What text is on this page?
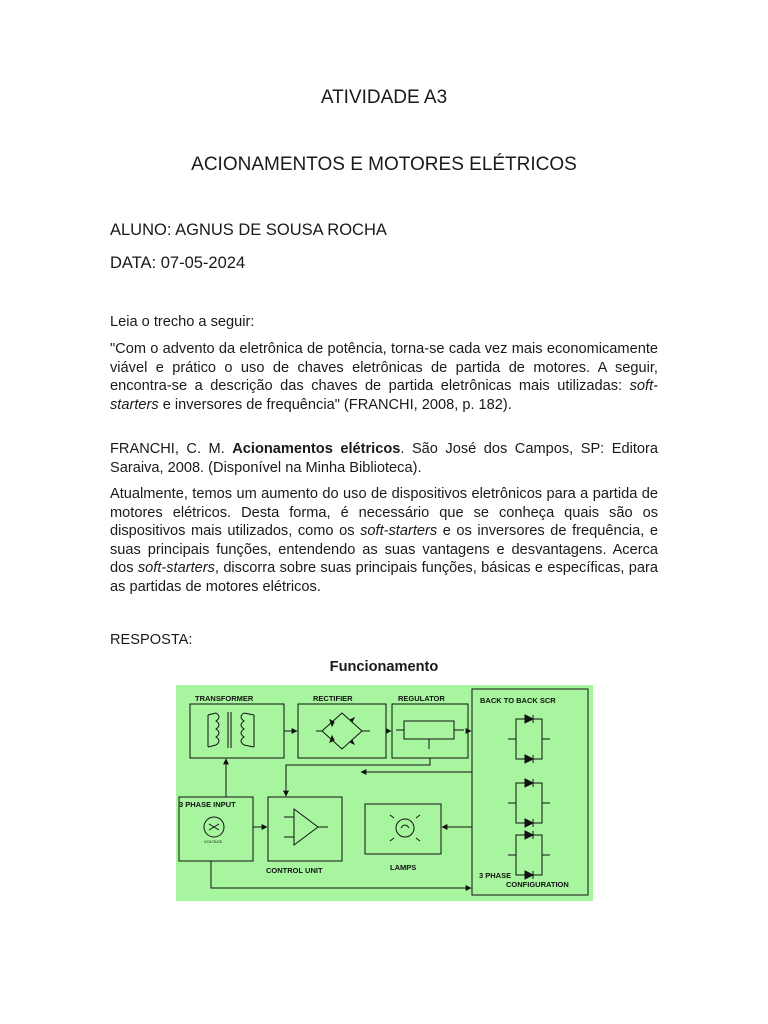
ATIVIDADE A3
ACIONAMENTOS E MOTORES ELÉTRICOS
ALUNO: AGNUS DE SOUSA ROCHA
DATA: 07-05-2024
Leia o trecho a seguir:
"Com o advento da eletrônica de potência, torna-se cada vez mais economicamente viável e prático o uso de chaves eletrônicas de partida de motores. A seguir, encontra-se a descrição das chaves de partida eletrônicas mais utilizadas: soft-starters e inversores de frequência" (FRANCHI, 2008, p. 182).
FRANCHI, C. M. Acionamentos elétricos. São José dos Campos, SP: Editora Saraiva, 2008. (Disponível na Minha Biblioteca).
Atualmente, temos um aumento do uso de dispositivos eletrônicos para a partida de motores elétricos. Desta forma, é necessário que se conheça quais são os dispositivos mais utilizados, como os soft-starters e os inversores de frequência, e suas principais funções, entendendo as suas vantagens e desvantagens. Acerca dos soft-starters, discorra sobre suas principais funções, básicas e específicas, para as partidas de motores elétricos.
RESPOSTA:
Funcionamento
TRANSFORMER	RECTIFIER	REGULATOR	BACK TO BACK SCR
3 PHASE INPUT
CONTROL UNIT	LAMPS
3 PHASE
CONFIGURATION
VOLTAGE
